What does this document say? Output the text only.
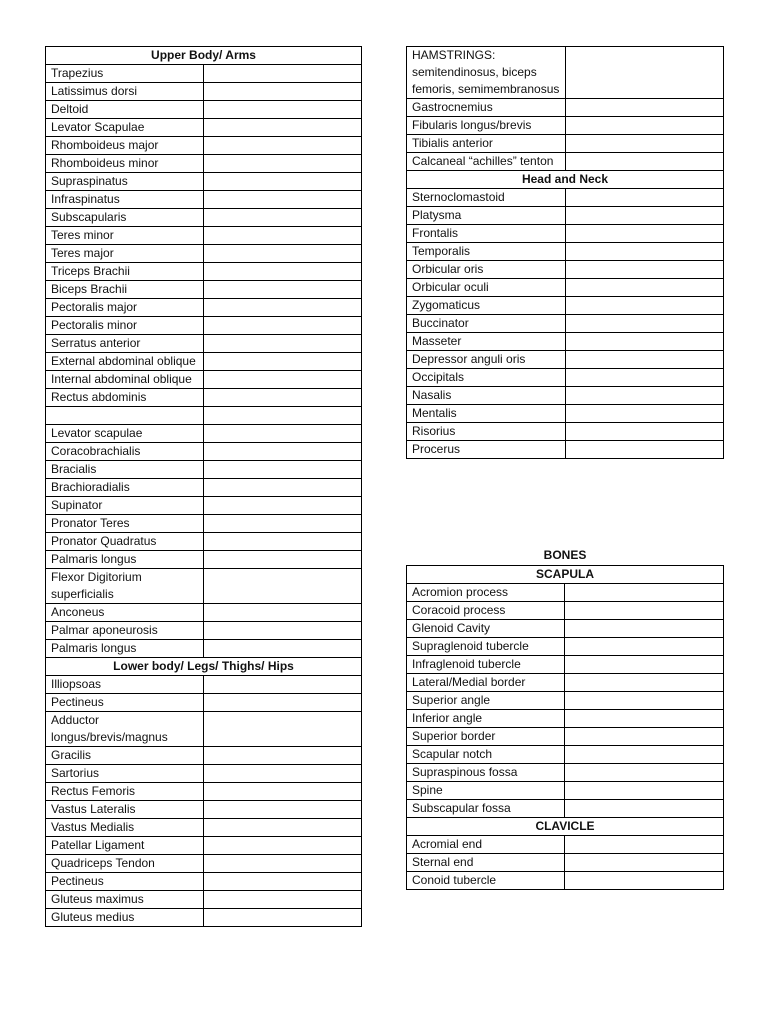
Upper Body/ Arms	
Trapezius	
Latissimus dorsi	
Deltoid	
Levator Scapulae	
Rhomboideus major	
Rhomboideus minor	
Supraspinatus	
Infraspinatus	
Subscapularis	
Teres minor	
Teres major	
Triceps Brachii	
Biceps Brachii	
Pectoralis major	
Pectoralis minor	
Serratus anterior	
External abdominal oblique	
Internal abdominal oblique	
Rectus abdominis	

Levator scapulae	
Coracobrachialis	
Bracialis	
Brachioradialis	
Supinator	
Pronator Teres	
Pronator Quadratus	
Palmaris longus	
Flexor Digitorium superficialis	
Anconeus	
Palmar aponeurosis	
Palmaris longus	
Lower body/ Legs/ Thighs/ Hips	
Illiopsoas	
Pectineus	
Adductor longus/brevis/magnus	
Gracilis	
Sartorius	
Rectus Femoris	
Vastus Lateralis	
Vastus Medialis	
Patellar Ligament	
Quadriceps Tendon	
Pectineus	
Gluteus maximus	
Gluteus medius	
HAMSTRINGS: semitendinosus, biceps femoris, semimembranosus	
Gastrocnemius	
Fibularis longus/brevis	
Tibialis anterior	
Calcaneal “achilles” tenton	
Head and Neck	
Sternoclomastoid	
Platysma	
Frontalis	
Temporalis	
Orbicular oris	
Orbicular oculi	
Zygomaticus	
Buccinator	
Masseter	
Depressor anguli oris	
Occipitals	
Nasalis	
Mentalis	
Risorius	
Procerus	
BONES
SCAPULA	
Acromion process	
Coracoid process	
Glenoid Cavity	
Supraglenoid tubercle	
Infraglenoid tubercle	
Lateral/Medial border	
Superior angle	
Inferior angle	
Superior border	
Scapular notch	
Supraspinous fossa	
Spine	
Subscapular fossa	
CLAVICLE	
Acromial end	
Sternal end	
Conoid tubercle	
